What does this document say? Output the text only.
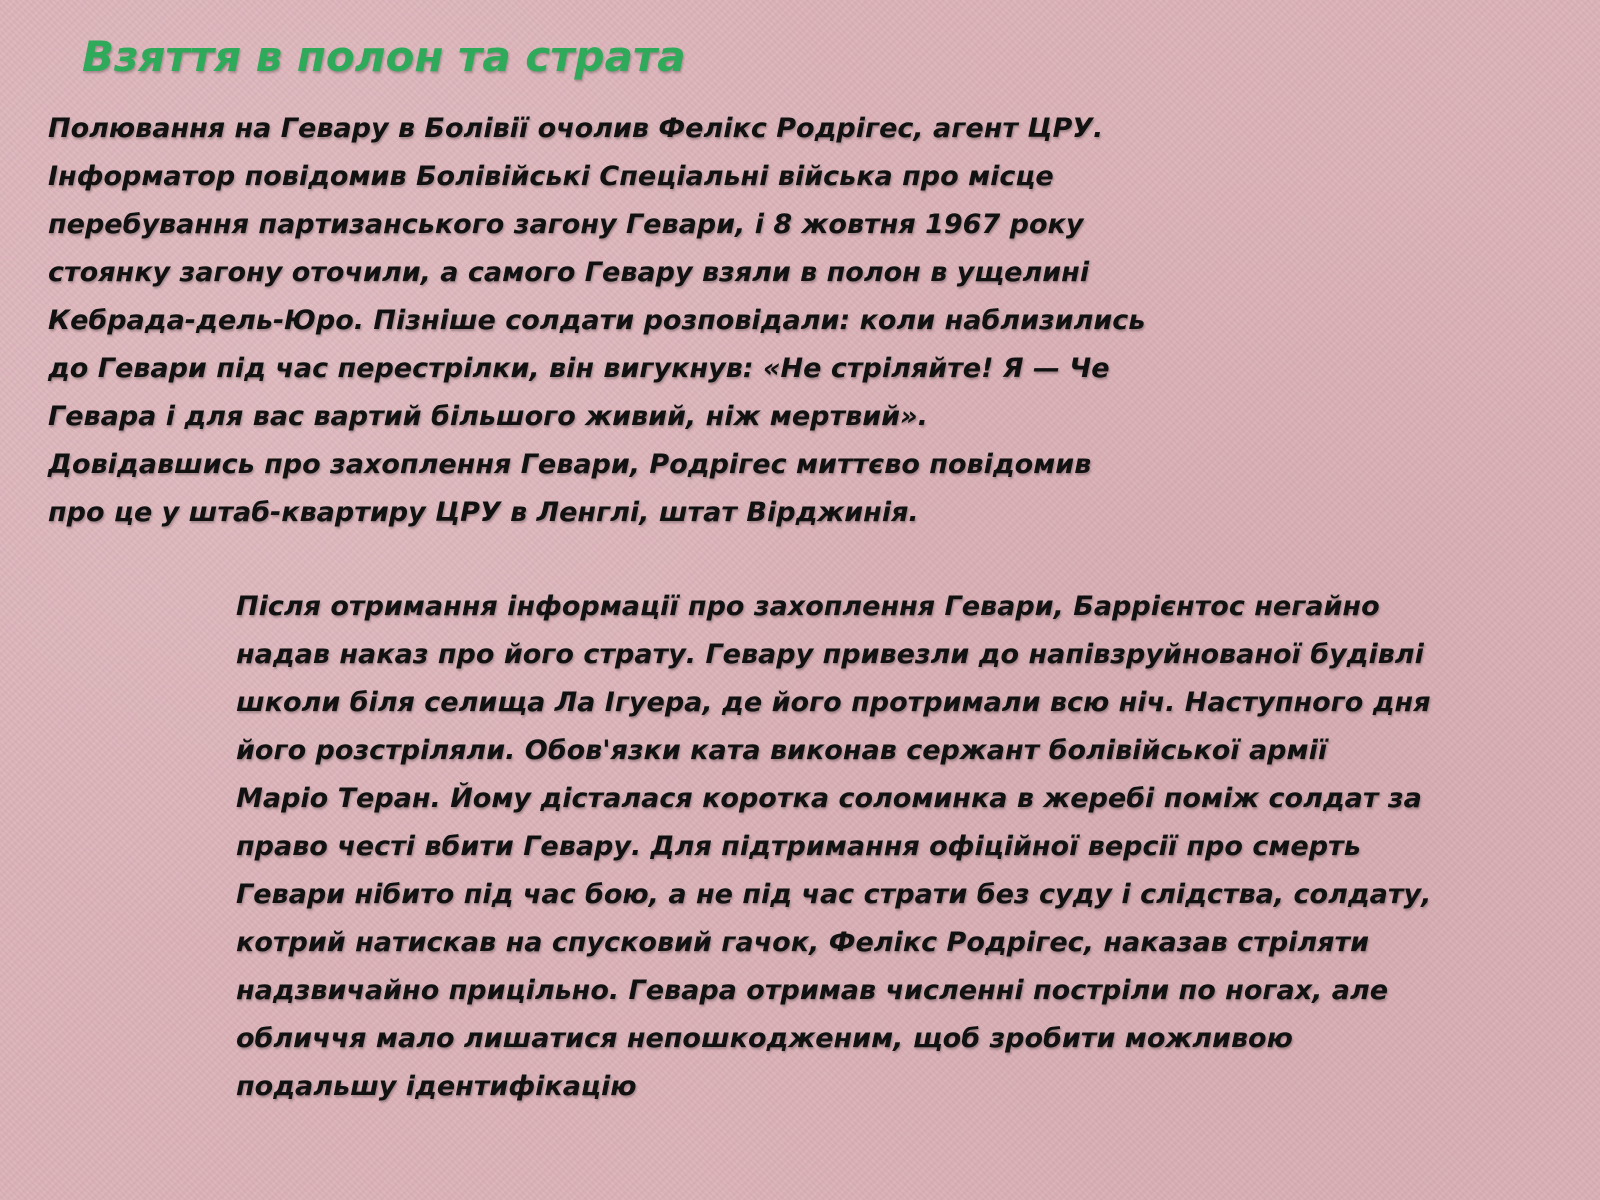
Взяття в полон та страта
Полювання на Гевару в Болівії очолив Фелікс Родрігес, агент ЦРУ.
Інформатор повідомив Болівійські Спеціальні війська про місце
перебування партизанського загону Гевари, і 8 жовтня 1967 року
стоянку загону оточили, а самого Гевару взяли в полон в ущелині
Кебрада-дель-Юро. Пізніше солдати розповідали: коли наблизились
до Гевари під час перестрілки, він вигукнув: «Не стріляйте! Я — Че
Гевара і для вас вартий більшого живий, ніж мертвий».
Довідавшись про захоплення Гевари, Родрігес миттєво повідомив
про це у штаб-квартиру ЦРУ в Ленглі, штат Вірджинія.
Після отримання інформації про захоплення Гевари, Баррієнтос негайно
надав наказ про його страту. Гевару привезли до напівзруйнованої будівлі
школи біля селища Ла Ігуера, де його протримали всю ніч. Наступного дня
його розстріляли. Обов'язки ката виконав сержант болівійської армії
Маріо Теран. Йому дісталася коротка соломинка в жеребі поміж солдат за
право честі вбити Гевару. Для підтримання офіційної версії про смерть
Гевари нібито під час бою, а не під час страти без суду і слідства, солдату,
котрий натискав на спусковий гачок, Фелікс Родрігес, наказав стріляти
надзвичайно прицільно. Гевара отримав численні постріли по ногах, але
обличчя мало лишатися непошкодженим, щоб зробити можливою
подальшу ідентифікацію
